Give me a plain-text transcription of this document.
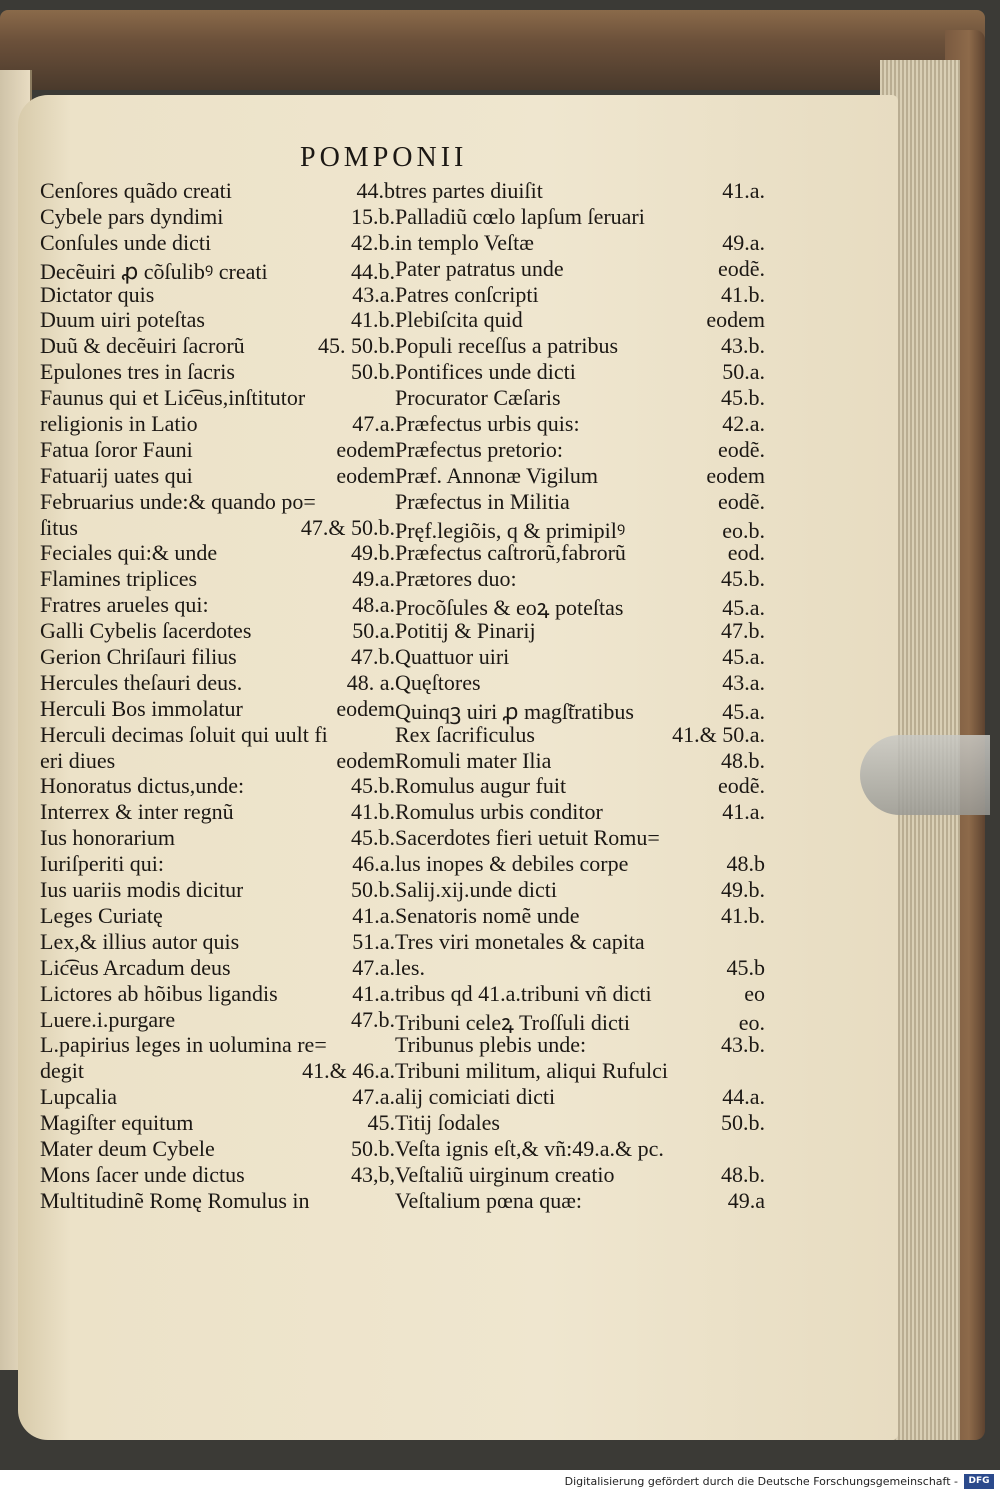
POMPONII
Cenſores quãdo creati	44.b
Cybele pars dyndimi	15.b.
Conſules unde dicti	42.b.
Decẽuiri ꝓ cõſulibꝰ creati	44.b.
Dictator quis	43.a.
Duum uiri poteſtas	41.b.
Duũ & decẽuiri ſacrorũ	45. 50.b.
Epulones tres in ſacris	50.b.
Faunus qui et Lic͡eus,inſtitutor
religionis in Latio	47.a.
Fatua ſoror Fauni	eodem
Fatuarij uates qui	eodem
Februarius unde:& quando po=
ſitus	47.& 50.b.
Feciales qui:& unde	49.b.
Flamines triplices	49.a.
Fratres arueles qui:	48.a.
Galli Cybelis ſacerdotes	50.a.
Gerion Chriſauri filius	47.b.
Hercules theſauri deus.	48. a.
Herculi Bos immolatur	eodem
Herculi decimas ſoluit qui uult fi
eri diues	eodem
Honoratus dictus,unde:	45.b.
Interrex & inter regnũ	41.b.
Ius honorarium	45.b.
Iuriſperiti qui:	46.a.
Ius uariis modis dicitur	50.b.
Leges Curiatę	41.a.
Lex,& illius autor quis	51.a.
Lic͡eus Arcadum deus	47.a.
Lictores ab hõibus ligandis	41.a.
Luere.i.purgare	47.b.
L.papirius leges in uolumina re=
degit	41.& 46.a.
Lupcalia	47.a.
Magiſter equitum	45.
Mater deum Cybele	50.b.
Mons ſacer unde dictus	43,b,
Multitudinẽ Romę Romulus in
tres partes diuiſit	41.a.
Palladiũ cœlo lapſum ſeruari
in templo Veſtæ	49.a.
Pater patratus unde	eodẽ.
Patres conſcripti	41.b.
Plebiſcita quid	eodem
Populi receſſus a patribus	43.b.
Pontifices unde dicti	50.a.
Procurator Cæſaris	45.b.
Præfectus urbis quis:	42.a.
Præfectus pretorio:	eodẽ.
Præf. Annonæ Vigilum	eodem
Præfectus in Militia	eodẽ.
Pręf.legiõis, q & primipilꝰ	eo.b.
Præfectus caſtrorũ,fabrorũ	eod.
Prætores duo:	45.b.
Procõſules & eoꝝ poteſtas	45.a.
Potitij & Pinarij	47.b.
Quattuor uiri	45.a.
Quęſtores	43.a.
Quinqꝫ uiri ꝓ magſ̃tratibus	45.a.
Rex ſacrificulus	41.& 50.a.
Romuli mater Ilia	48.b.
Romulus augur fuit	eodẽ.
Romulus urbis conditor	41.a.
Sacerdotes fieri uetuit Romu=
lus inopes & debiles corpe	48.b
Salij.xij.unde dicti	49.b.
Senatoris nomẽ unde	41.b.
Tres viri monetales & capita
les.	45.b
tribus qd 41.a.tribuni vñ dicti	eo
Tribuni celeꝝ Troſſuli dicti	eo.
Tribunus plebis unde:	43.b.
Tribuni militum, aliqui Rufulci
alij comiciati dicti	44.a.
Titij ſodales	50.b.
Veſta ignis eſt,& vñ:49.a.& pc.
Veſtaliũ uirginum creatio	48.b.
Veſtalium pœna quæ:	49.a
Digitalisierung gefördert durch die Deutsche Forschungsgemeinschaft -	DFG
